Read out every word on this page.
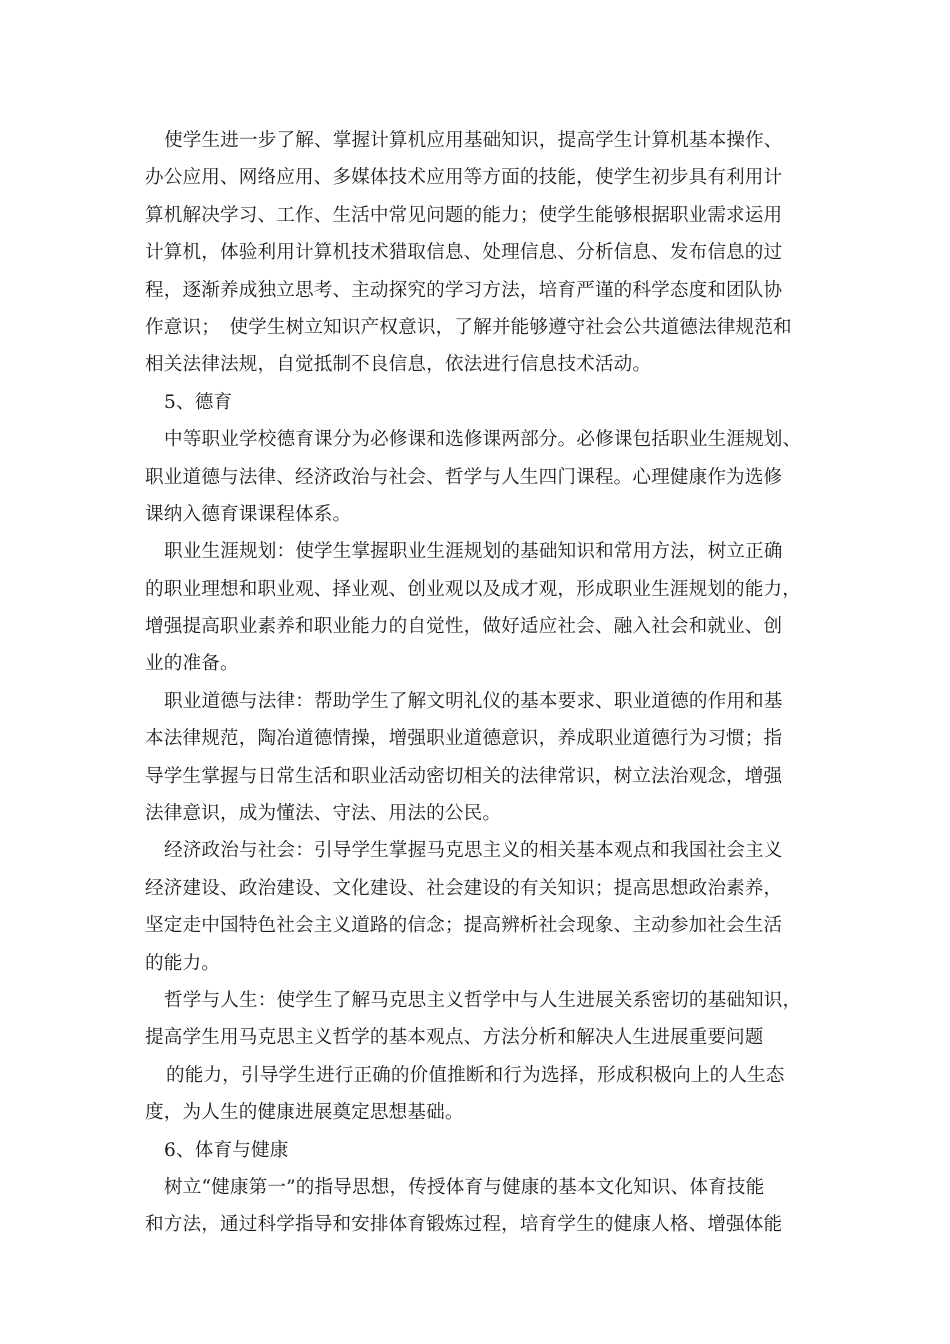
使学生进一步了解、掌握计算机应用基础知识，提高学生计算机基本操作、
办公应用、网络应用、多媒体技术应用等方面的技能，使学生初步具有利用计
算机解决学习、工作、生活中常见问题的能力；使学生能够根据职业需求运用
计算机，体验利用计算机技术猎取信息、处理信息、分析信息、发布信息的过
程，逐渐养成独立思考、主动探究的学习方法，培育严谨的科学态度和团队协
作意识；　使学生树立知识产权意识，了解并能够遵守社会公共道德法律规范和
相关法律法规，自觉抵制不良信息，依法进行信息技术活动。
5、德育
中等职业学校德育课分为必修课和选修课两部分。必修课包括职业生涯规划、
职业道德与法律、经济政治与社会、哲学与人生四门课程。心理健康作为选修
课纳入德育课课程体系。
职业生涯规划：使学生掌握职业生涯规划的基础知识和常用方法，树立正确
的职业理想和职业观、择业观、创业观以及成才观，形成职业生涯规划的能力，
增强提高职业素养和职业能力的自觉性，做好适应社会、融入社会和就业、创
业的准备。
职业道德与法律：帮助学生了解文明礼仪的基本要求、职业道德的作用和基
本法律规范，陶冶道德情操，增强职业道德意识，养成职业道德行为习惯；指
导学生掌握与日常生活和职业活动密切相关的法律常识，树立法治观念，增强
法律意识，成为懂法、守法、用法的公民。
经济政治与社会：引导学生掌握马克思主义的相关基本观点和我国社会主义
经济建设、政治建设、文化建设、社会建设的有关知识；提高思想政治素养，
坚定走中国特色社会主义道路的信念；提高辨析社会现象、主动参加社会生活
的能力。
哲学与人生：使学生了解马克思主义哲学中与人生进展关系密切的基础知识，
提高学生用马克思主义哲学的基本观点、方法分析和解决人生进展重要问题
的能力，引导学生进行正确的价值推断和行为选择，形成积极向上的人生态
度，为人生的健康进展奠定思想基础。
6、体育与健康
树立“健康第一”的指导思想，传授体育与健康的基本文化知识、体育技能
和方法，通过科学指导和安排体育锻炼过程，培育学生的健康人格、增强体能
